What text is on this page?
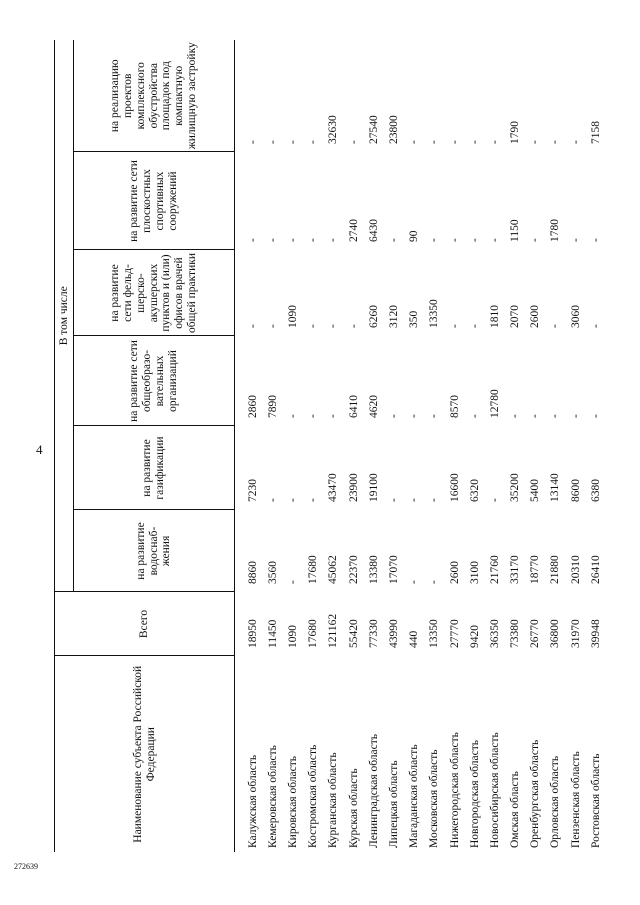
4
Наименование субъекта Российской Федерации	Всего	В том числе					
		на развитие водоснаб-жения	на развитие газификации	на развитие сети общеобразо-вательных организаций	на развитие сети фельд-шерско-акушерских пунктов и (или) офисов врачей общей практики	на развитие сети плоскостных спортивных сооружений	на реализацию проектов комплексного обустройства площадок под компактную жилищную застройку

Калужская область	18950	8860	7230	2860	-	-	-
Кемеровская область	11450	3560	-	7890	-	-	-
Кировская область	1090	-	-	-	1090	-	-
Костромская область	17680	17680	-	-	-	-	-
Курганская область	121162	45062	43470	-	-	-	32630
Курская область	55420	22370	23900	6410	-	2740	-
Ленинградская область	77330	13380	19100	4620	6260	6430	27540
Липецкая область	43990	17070	-	-	3120	-	23800
Магаданская область	440	-	-	-	350	90	-
Московская область	13350	-	-	-	13350	-	-
Нижегородская область	27770	2600	16600	8570	-	-	-
Новгородская область	9420	3100	6320	-	-	-	-
Новосибирская область	36350	21760	-	12780	1810	-	-
Омская область	73380	33170	35200	-	2070	1150	1790
Оренбургская область	26770	18770	5400	-	2600	-	-
Орловская область	36800	21880	13140	-	-	1780	-
Пензенская область	31970	20310	8600	-	3060	-	-
Ростовская область	39948	26410	6380	-	-	-	7158
272639
